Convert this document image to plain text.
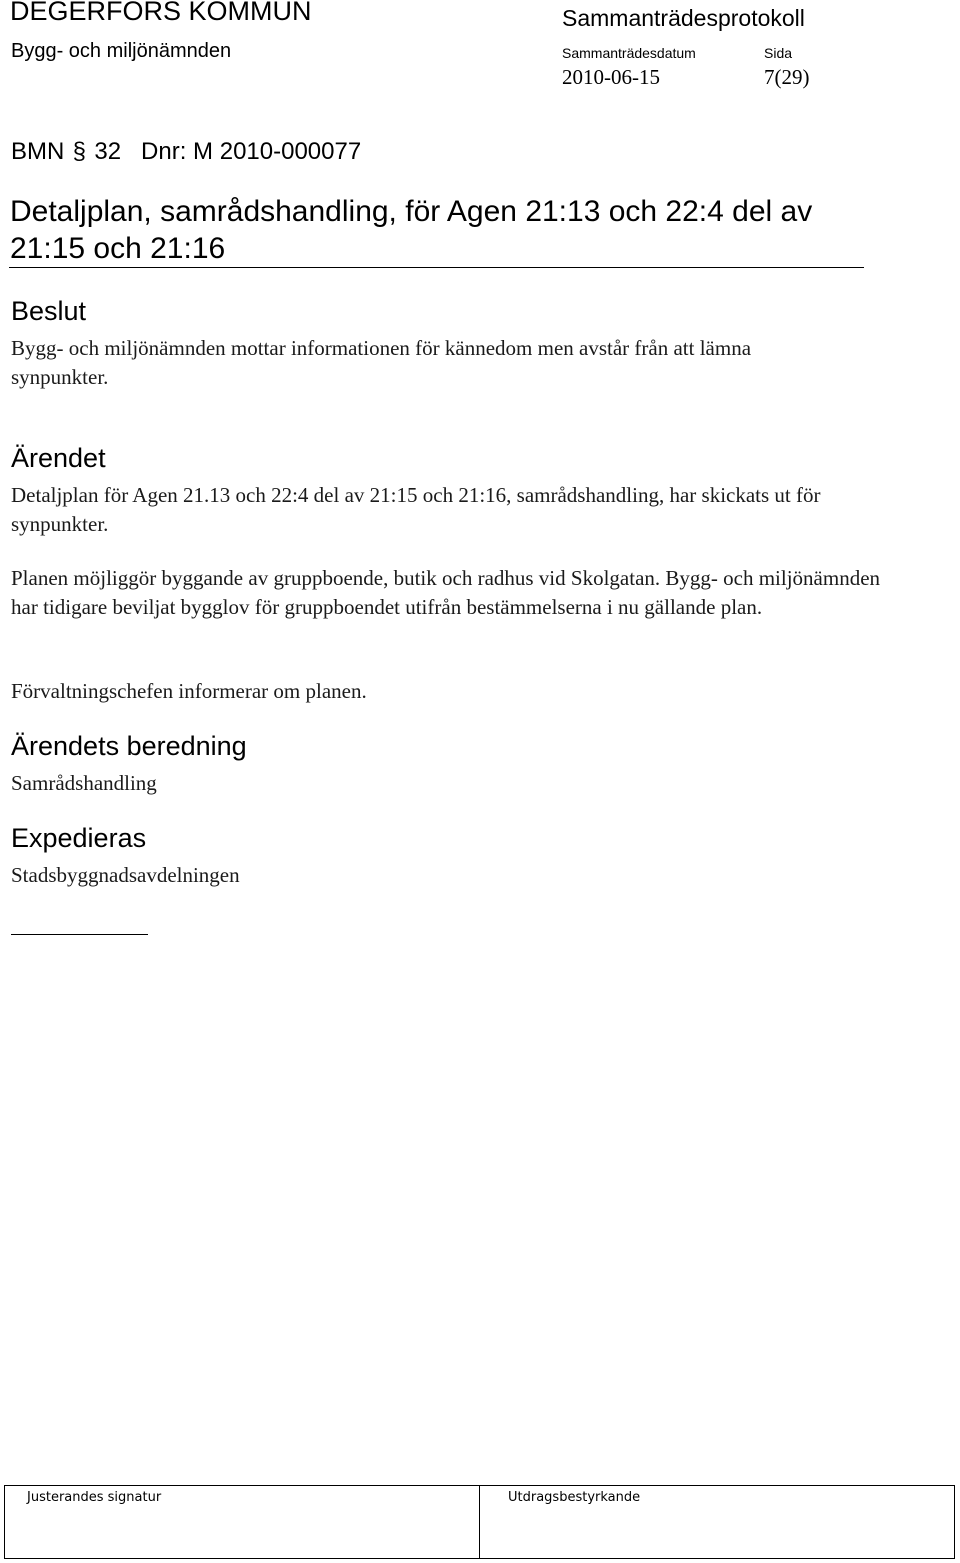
DEGERFORS KOMMUN
Bygg- och miljönämnden
Sammanträdesprotokoll
Sammanträdesdatum	Sida
2010-06-15	7(29)
BMN § 32 Dnr: M 2010-000077
Detaljplan, samrådshandling, för Agen 21:13 och 22:4 del av 21:15 och 21:16
Beslut

Bygg- och miljönämnden mottar informationen för kännedom men avstår från att lämna synpunkter.

Ärendet

Detaljplan för Agen 21.13 och 22:4 del av 21:15 och 21:16, samrådshandling, har skickats ut för synpunkter.

Planen möjliggör byggande av gruppboende, butik och radhus vid Skolgatan. Bygg- och miljönämnden har tidigare beviljat bygglov för gruppboendet utifrån bestämmelserna i nu gällande plan.

Förvaltningschefen informerar om planen.

Ärendets beredning

Samrådshandling

Expedieras

Stadsbyggnadsavdelningen

Justerandes signatur	Utdragsbestyrkande
